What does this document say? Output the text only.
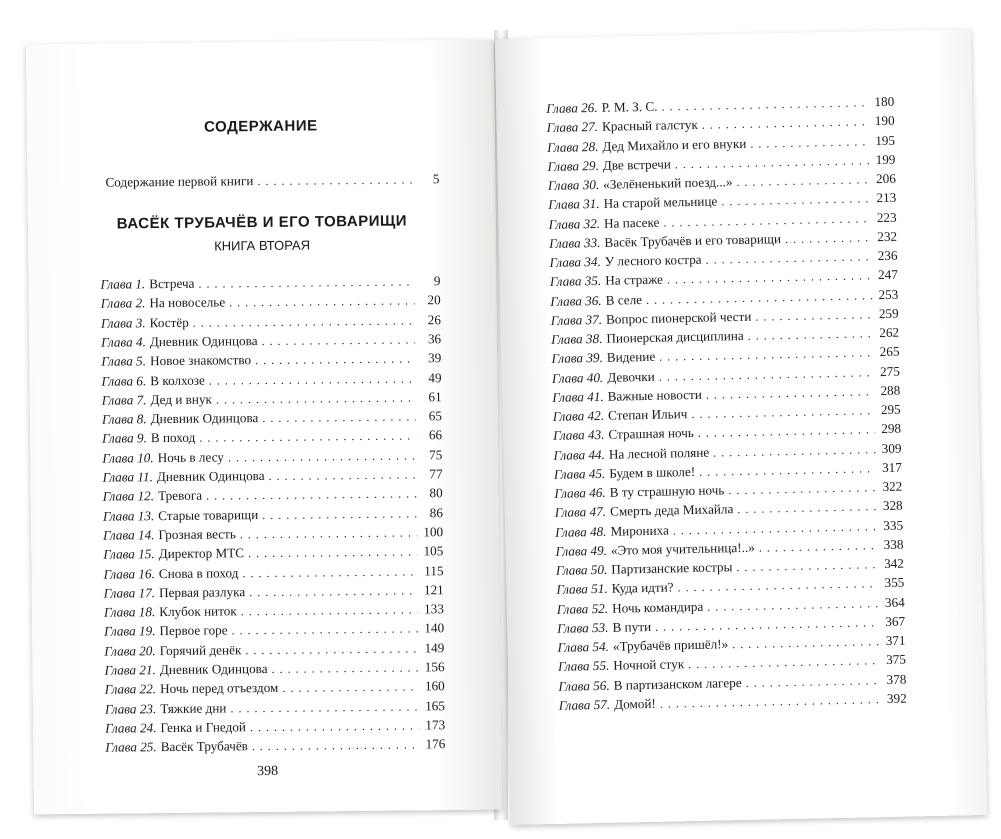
СОДЕРЖАНИЕ
Содержание первой книги . . .	5
ВАСЁК ТРУБАЧЁВ И ЕГО ТОВАРИЩИ
КНИГА ВТОРАЯ
Глава 1. Встреча . . .	9
Глава 2. На новоселье . . .	20
Глава 3. Костёр . . .	26
Глава 4. Дневник Одинцова . . .	36
Глава 5. Новое знакомство . . .	39
Глава 6. В колхозе . . .	49
Глава 7. Дед и внук . . .	61
Глава 8. Дневник Одинцова . . .	65
Глава 9. В поход . . .	66
Глава 10. Ночь в лесу . . .	75
Глава 11. Дневник Одинцова . . .	77
Глава 12. Тревога . . .	80
Глава 13. Старые товарищи . . .	86
Глава 14. Грозная весть . . .	100
Глава 15. Директор МТС . . .	105
Глава 16. Снова в поход . . .	115
Глава 17. Первая разлука . . .	121
Глава 18. Клубок ниток . . .	133
Глава 19. Первое горе . . .	140
Глава 20. Горячий денёк . . .	149
Глава 21. Дневник Одинцова . . .	156
Глава 22. Ночь перед отъездом . . .	160
Глава 23. Тяжкие дни . . .	165
Глава 24. Генка и Гнедой . . .	173
Глава 25. Васёк Трубачёв . . .	176
398
Глава 26. Р. М. З. С. . . .	180
Глава 27. Красный галстук . . .	190
Глава 28. Дед Михайло и его внуки . . .	195
Глава 29. Две встречи . . .	199
Глава 30. «Зелёненький поезд...» . . .	206
Глава 31. На старой мельнице . . .	213
Глава 32. На пасеке . . .	223
Глава 33. Васёк Трубачёв и его товарищи . . .	232
Глава 34. У лесного костра . . .	236
Глава 35. На страже . . .	247
Глава 36. В селе . . .	253
Глава 37. Вопрос пионерской чести . . .	259
Глава 38. Пионерская дисциплина . . .	262
Глава 39. Видение . . .	265
Глава 40. Девочки . . .	275
Глава 41. Важные новости . . .	288
Глава 42. Степан Ильич . . .	295
Глава 43. Страшная ночь . . .	298
Глава 44. На лесной поляне . . .	309
Глава 45. Будем в школе! . . .	317
Глава 46. В ту страшную ночь . . .	322
Глава 47. Смерть деда Михайла . . .	328
Глава 48. Мирониха . . .	335
Глава 49. «Это моя учительница!..» . . .	338
Глава 50. Партизанские костры . . .	342
Глава 51. Куда идти? . . .	355
Глава 52. Ночь командира . . .	364
Глава 53. В пути . . .	367
Глава 54. «Трубачёв пришёл!» . . .	371
Глава 55. Ночной стук . . .	375
Глава 56. В партизанском лагере . . .	378
Глава 57. Домой! . . .	392
